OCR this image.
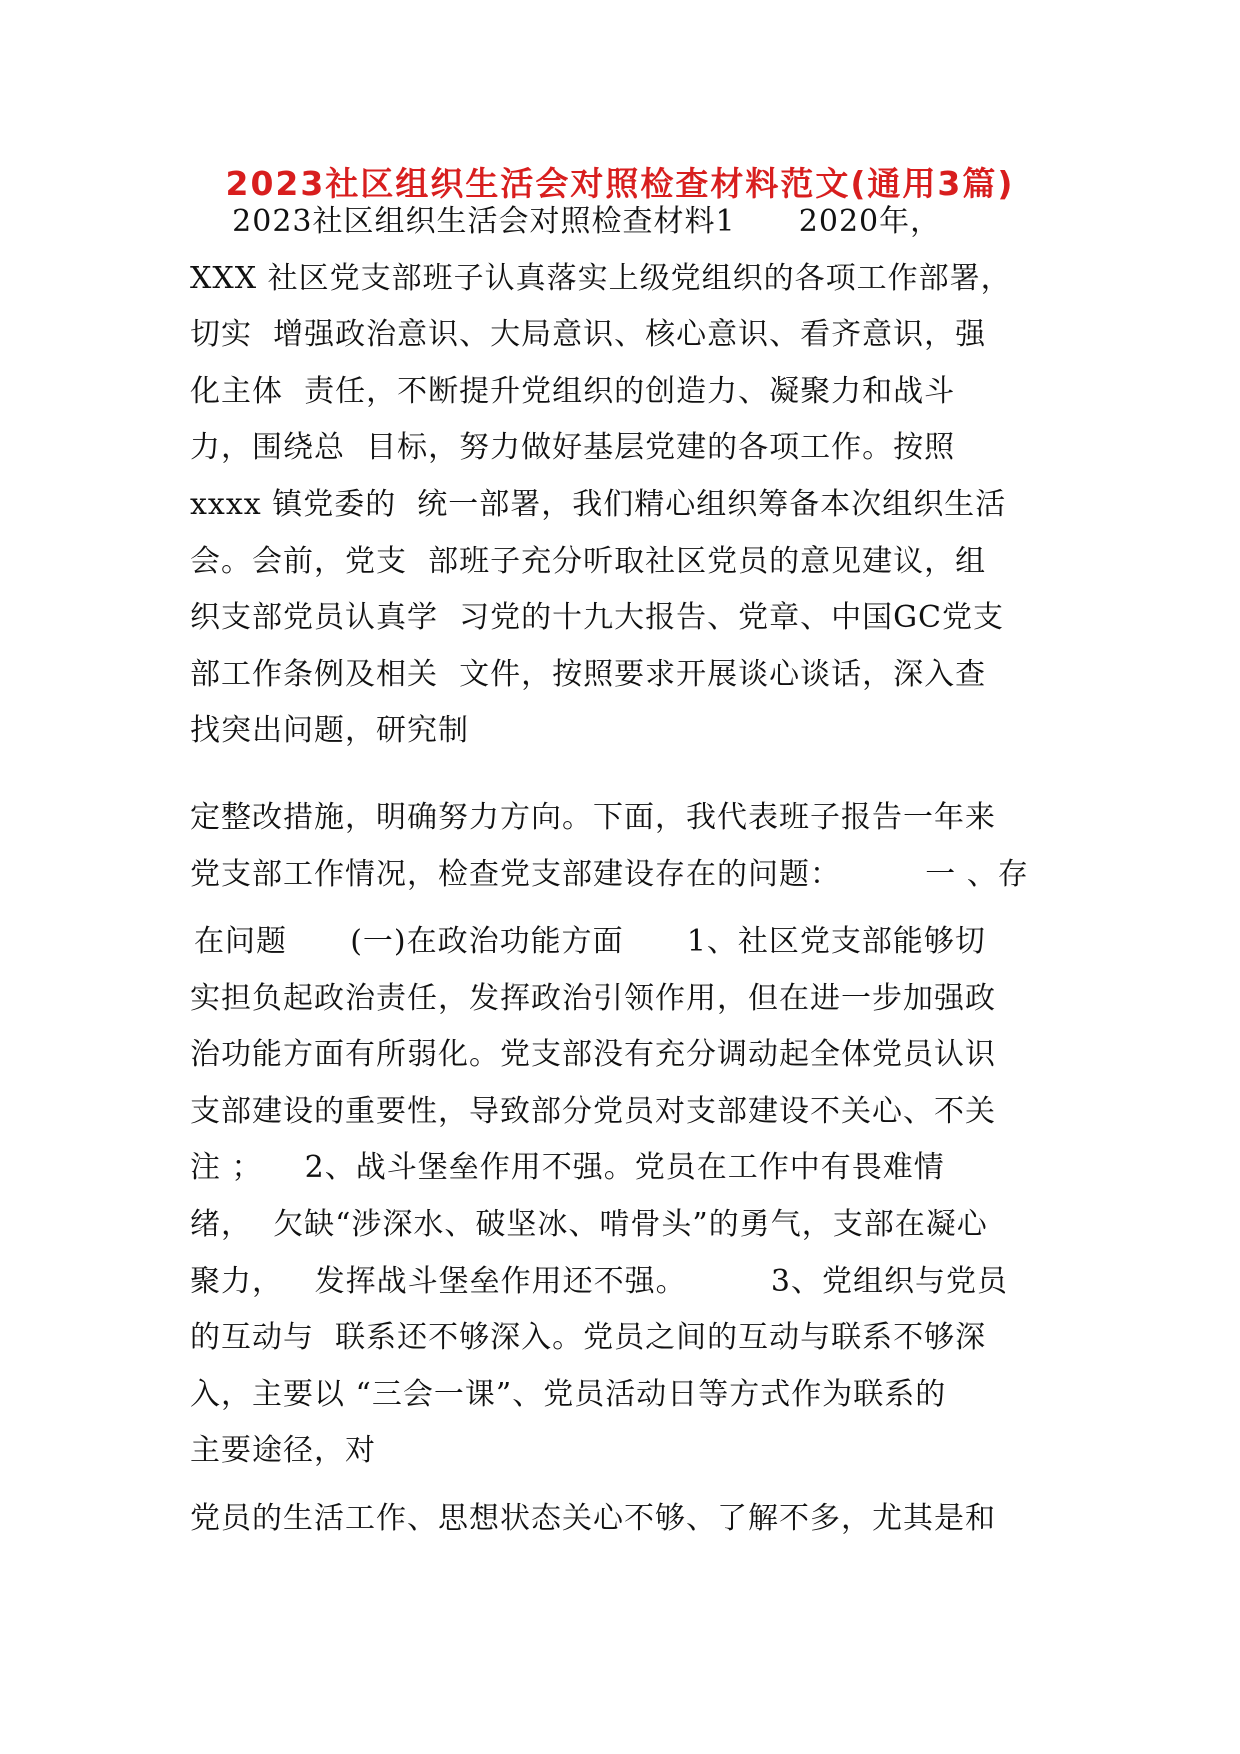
2023社区组织生活会对照检查材料范文(通用3篇)
2023社区组织生活会对照检查材料1      2020年，
XXX 社区党支部班子认真落实上级党组织的各项工作部署，
切实  增强政治意识、大局意识、核心意识、看齐意识，强
化主体  责任，不断提升党组织的创造力、凝聚力和战斗
力，围绕总  目标，努力做好基层党建的各项工作。按照
xxxx 镇党委的  统一部署，我们精心组织筹备本次组织生活
会。会前，党支  部班子充分听取社区党员的意见建议，组
织支部党员认真学  习党的十九大报告、党章、中国GC党支
部工作条例及相关  文件，按照要求开展谈心谈话，深入查
找突出问题，研究制
定整改措施，明确努力方向。下面，我代表班子报告一年来
党支部工作情况，检查党支部建设存在的问题：        一 、存
在问题      (一)在政治功能方面      1、社区党支部能够切
实担负起政治责任，发挥政治引领作用，但在进一步加强政
治功能方面有所弱化。党支部没有充分调动起全体党员认识
支部建设的重要性，导致部分党员对支部建设不关心、不关
注 ；    2、战斗堡垒作用不强。党员在工作中有畏难情
绪，  欠缺“涉深水、破坚冰、啃骨头”的勇气，支部在凝心
聚力，   发挥战斗堡垒作用还不强。        3、党组织与党员
的互动与  联系还不够深入。党员之间的互动与联系不够深
入，主要以 “三会一课”、党员活动日等方式作为联系的
主要途径，对
党员的生活工作、思想状态关心不够、了解不多，尤其是和
